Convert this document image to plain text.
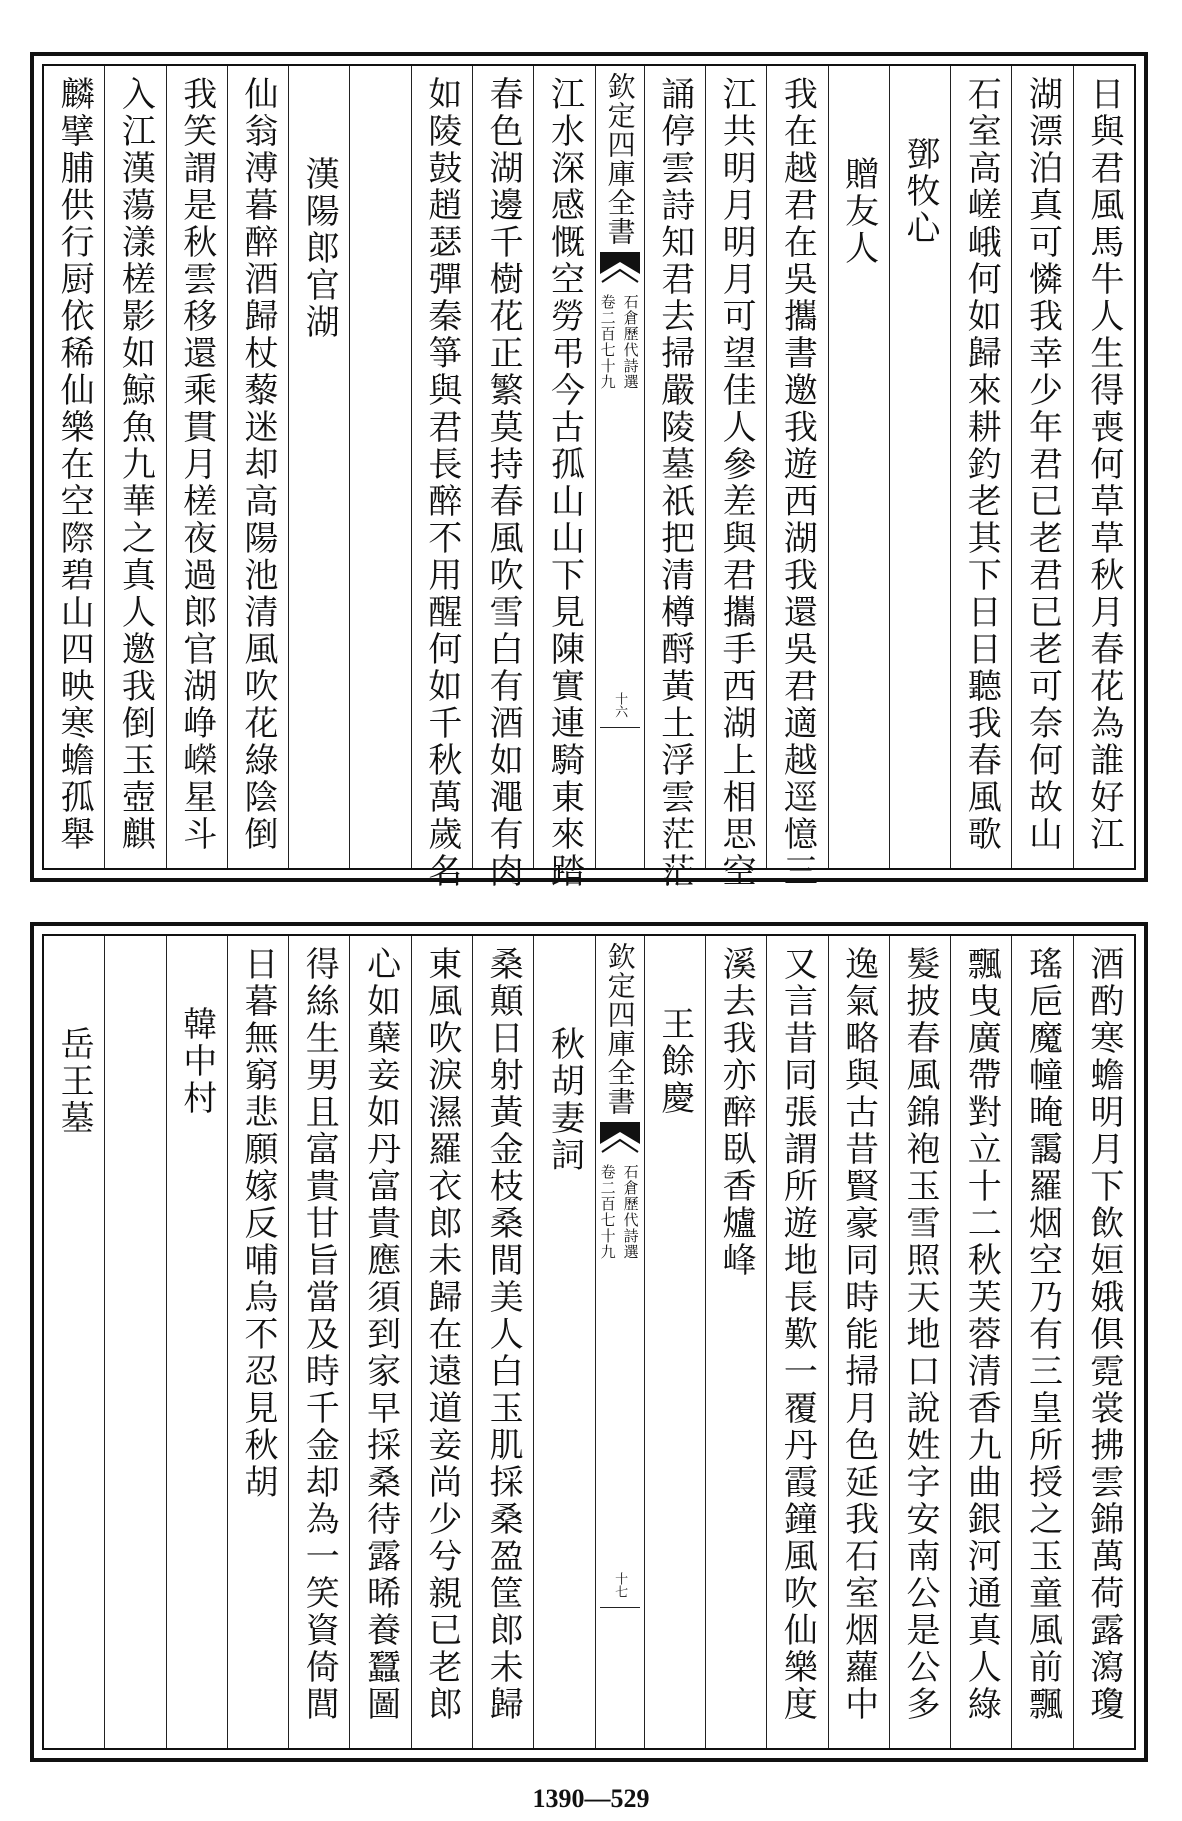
日與君風馬牛人生得喪何草草秋月春花為誰好江
湖漂泊真可憐我幸少年君已老君已老可奈何故山
石室高嵯峨何如歸來耕釣老其下日日聽我春風歌
鄧牧心
贈友人
我在越君在吳攜書邀我遊西湖我還吳君適越逕憶三
江共明月明月可望佳人參差與君攜手西湖上相思空
誦停雲詩知君去掃嚴陵墓祇把清樽酹黃土浮雲茫茫
欽定四庫全書
石倉歷代詩選
卷二百七十九
十六
江水深感慨空勞弔今古孤山山下見陳實連騎東來踏
春色湖邊千樹花正繁莫持春風吹雪白有酒如澠有肉
如陵鼓趙瑟彈秦箏與君長醉不用醒何如千秋萬歲名
漢陽郎官湖
仙翁溥暮醉酒歸杖藜迷却高陽池清風吹花綠陰倒
我笑謂是秋雲移還乘貫月槎夜過郎官湖峥嶸星斗
入江漢蕩漾槎影如鯨魚九華之真人邀我倒玉壺麒
麟擘脯供行厨依稀仙樂在空際碧山四映寒蟾孤舉
酒酌寒蟾明月下飲姮娥俱霓裳拂雲錦萬荷露瀉瓊
瑤巵魔幢晻靄羅烟空乃有三皇所授之玉童風前飄
飄曳廣帶對立十二秋芙蓉清香九曲銀河通真人綠
髮披春風錦袍玉雪照天地口說姓字安南公是公多
逸氣略與古昔賢豪同時能掃月色延我石室烟蘿中
又言昔同張謂所遊地長歎一覆丹霞鐘風吹仙樂度
溪去我亦醉臥香爐峰
王餘慶
欽定四庫全書
石倉歷代詩選
卷二百七十九
十七
秋胡妻詞
桑顛日射黃金枝桑間美人白玉肌採桑盈筐郎未歸
東風吹淚濕羅衣郎未歸在遠道妾尚少兮親已老郎
心如蘖妾如丹富貴應須到家早採桑待露晞養蠶圖
得絲生男且富貴甘旨當及時千金却為一笑資倚閭
日暮無窮悲願嫁反哺烏不忍見秋胡
韓中村
岳王墓
1390—529
